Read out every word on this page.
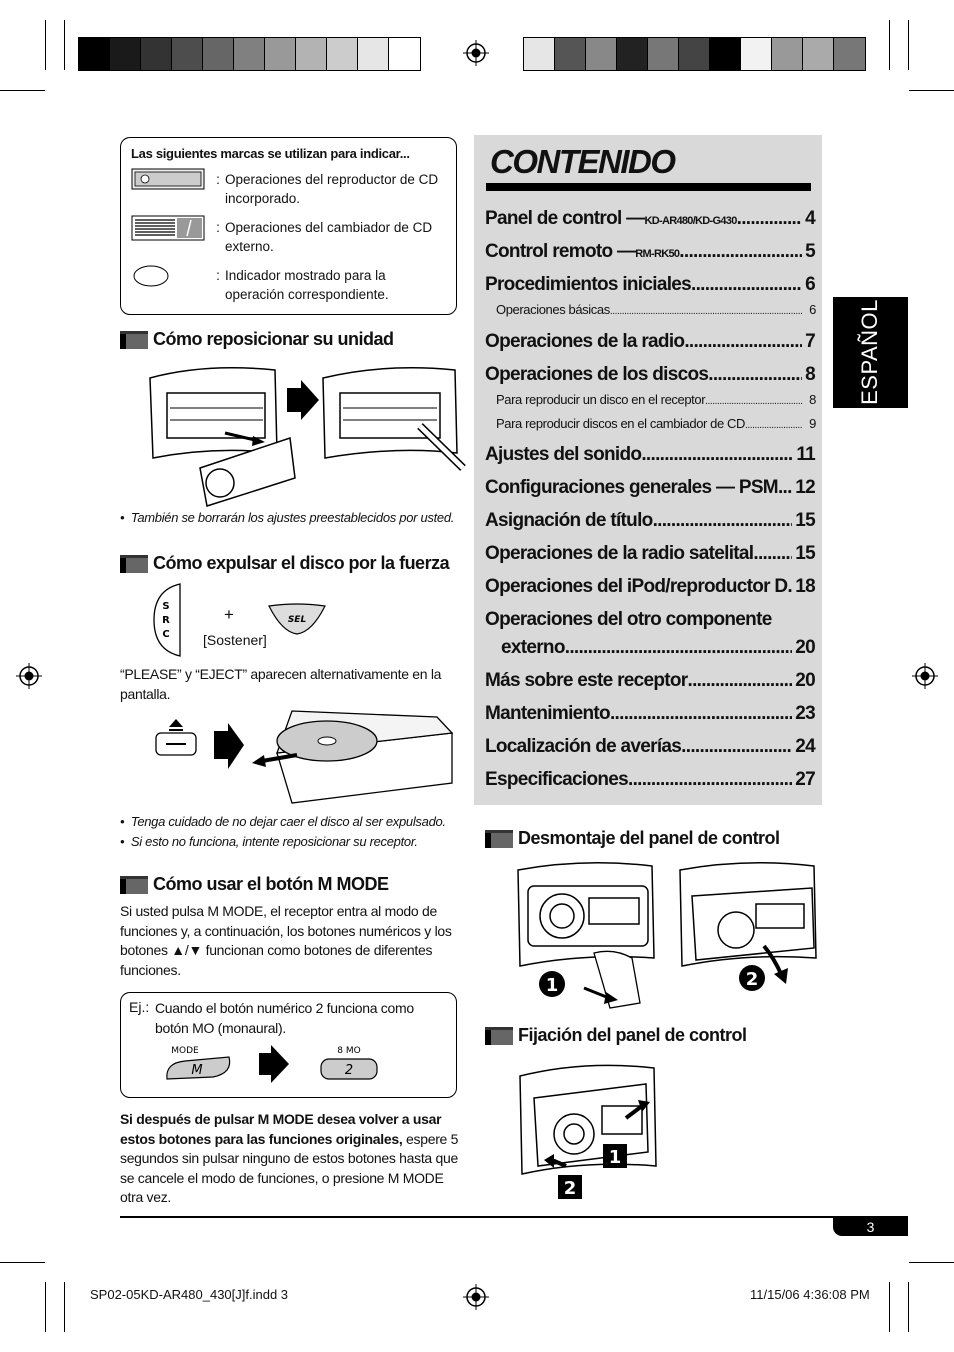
Las siguientes marcas se utilizan para indicar...
: Operaciones del reproductor de CD incorporado.
: Operaciones del cambiador de CD externo.
: Indicador mostrado para la operación correspondiente.
Cómo reposicionar su unidad
•  También se borrarán los ajustes preestablecidos por usted.
Cómo expulsar el disco por la fuerza
S
R
C
+	SEL
[Sostener]
“PLEASE” y “EJECT” aparecen alternativamente en la pantalla.
•  Tenga cuidado de no dejar caer el disco al ser expulsado.
•  Si esto no funciona, intente reposicionar su receptor.
Cómo usar el botón M MODE
Si usted pulsa M MODE, el receptor entra al modo de funciones y, a continuación, los botones numéricos y los botones ▲/▼ funcionan como botones de diferentes funciones.
Ej.: Cuando el botón numérico 2 funciona como botón MO (monaural).
MODE
M
8 MO
2
Si después de pulsar M MODE desea volver a usar estos botones para las funciones originales, espere 5 segundos sin pulsar ninguno de estos botones hasta que se cancele el modo de funciones, o presione M MODE otra vez.
CONTENIDO
Panel de control — KD-AR480/KD-G430 .....	4
Control remoto — RM-RK50 .....	5
Procedimientos iniciales .....	6
Operaciones básicas .....	6
Operaciones de la radio .....	7
Operaciones de los discos .....	8
Para reproducir un disco en el receptor .....	8
Para reproducir discos en el cambiador de CD .....	9
Ajustes del sonido .....	11
Configuraciones generales — PSM ..... 12
Asignación de título .....	15
Operaciones de la radio satelital ..... 15
Operaciones del iPod/reproductor D. ..... 18
Operaciones del otro componente
externo .....	20
Más sobre este receptor .....	20
Mantenimiento .....	23
Localización de averías .....	24
Especificaciones .....	27
ESPAÑOL
Desmontaje del panel de control
1	2
Fijación del panel de control
1
2
3
SP02-05KD-AR480_430[J]f.indd 3	11/15/06 4:36:08 PM
